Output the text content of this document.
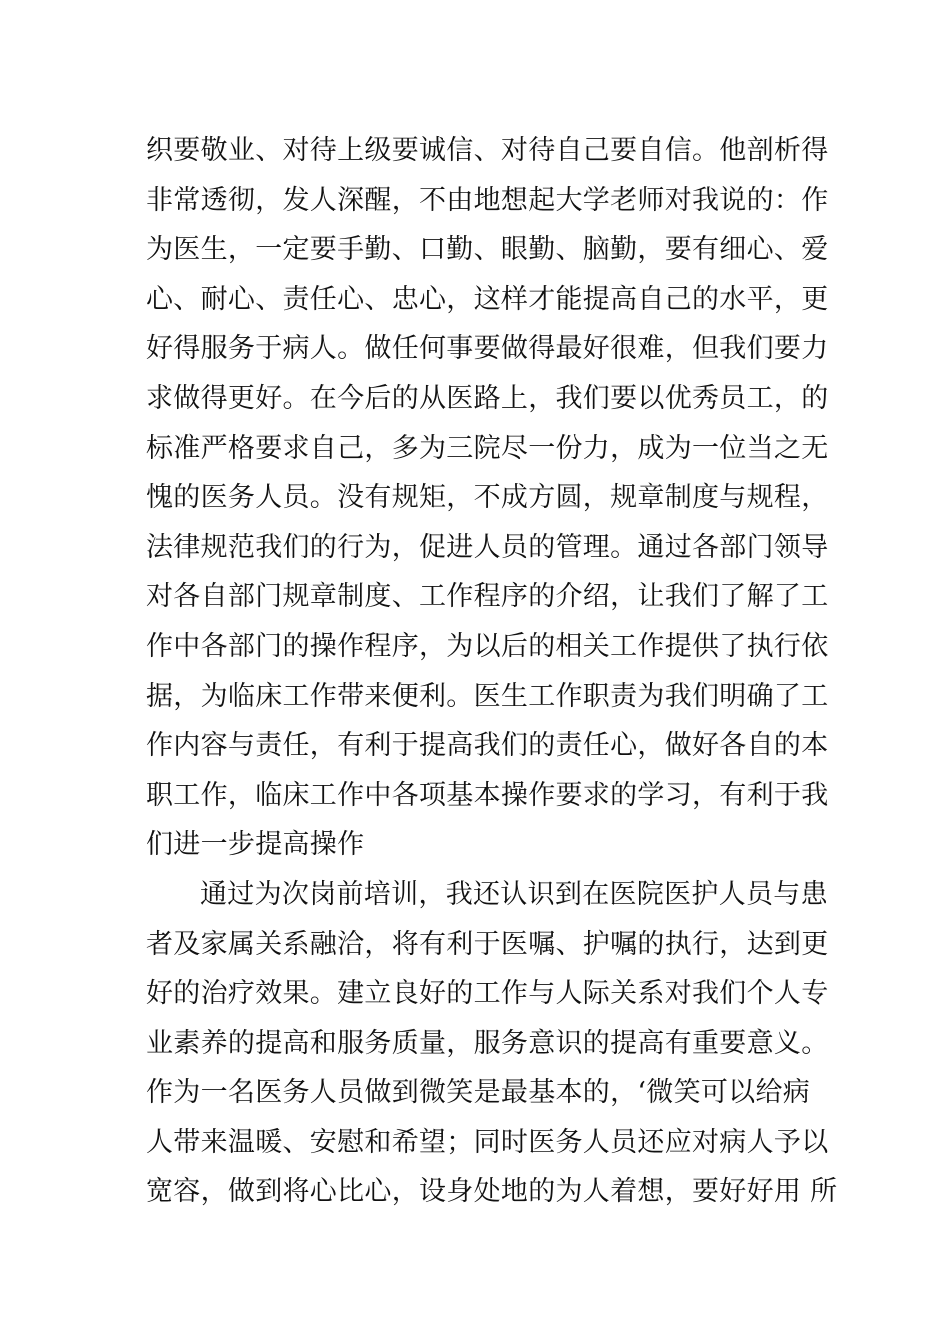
织要敬业、对待上级要诚信、对待自己要自信。他剖析得
非常透彻，发人深醒，不由地想起大学老师对我说的：作
为医生，一定要手勤、口勤、眼勤、脑勤，要有细心、爱
心、耐心、责任心、忠心，这样才能提高自己的水平，更
好得服务于病人。做任何事要做得最好很难，但我们要力
求做得更好。在今后的从医路上，我们要以优秀员工，的
标准严格要求自己，多为三院尽一份力，成为一位当之无
愧的医务人员。没有规矩，不成方圆，规章制度与规程，
法律规范我们的行为，促进人员的管理。通过各部门领导
对各自部门规章制度、工作程序的介绍，让我们了解了工
作中各部门的操作程序，为以后的相关工作提供了执行依
据，为临床工作带来便利。医生工作职责为我们明确了工
作内容与责任，有利于提高我们的责任心，做好各自的本
职工作，临床工作中各项基本操作要求的学习，有利于我
们进一步提高操作
通过为次岗前培训，我还认识到在医院医护人员与患
者及家属关系融洽，将有利于医嘱、护嘱的执行，达到更
好的治疗效果。建立良好的工作与人际关系对我们个人专
业素养的提高和服务质量，服务意识的提高有重要意义。
作为一名医务人员做到微笑是最基本的，‘微笑可以给病
人带来温暖、安慰和希望；同时医务人员还应对病人予以
宽容，做到将心比心，设身处地的为人着想，要好好用 所
